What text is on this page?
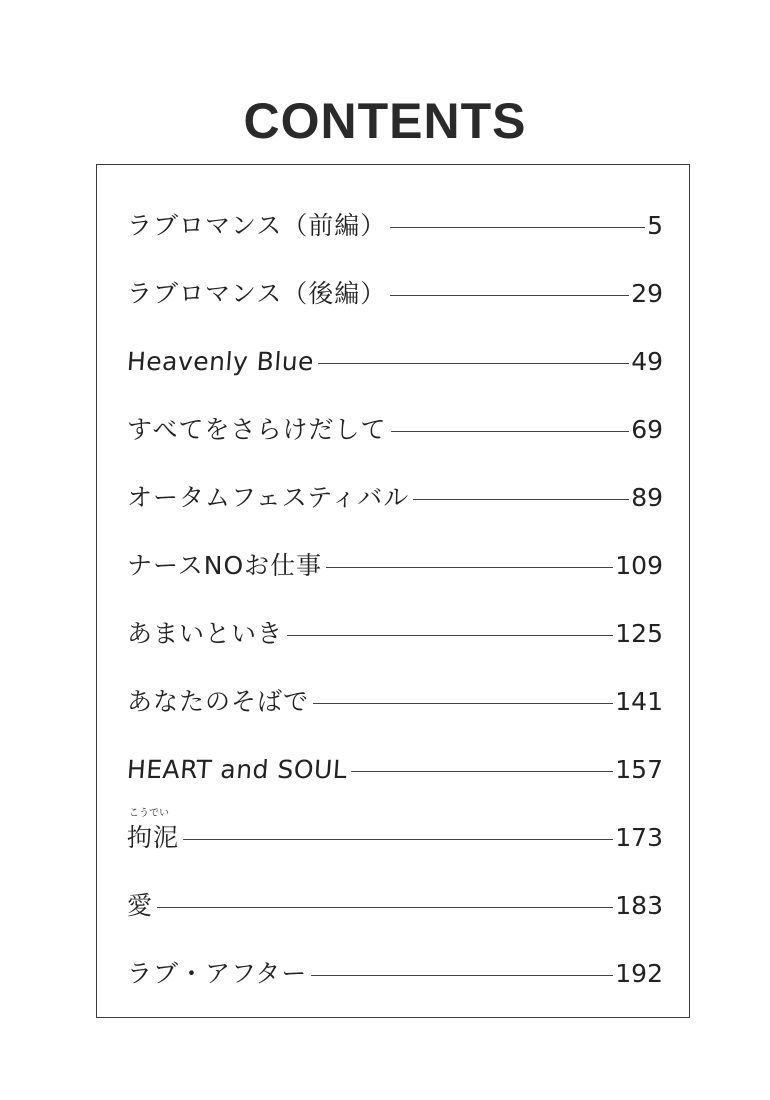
CONTENTS
ラブロマンス（前編）	5
ラブロマンス（後編）	29
Heavenly Blue	49
すべてをさらけだして	69
オータムフェスティバル	89
ナースNOお仕事	109
あまいといき	125
あなたのそばで	141
HEART and SOUL	157
こうでい
拘泥	173
愛	183
ラブ・アフター	192
